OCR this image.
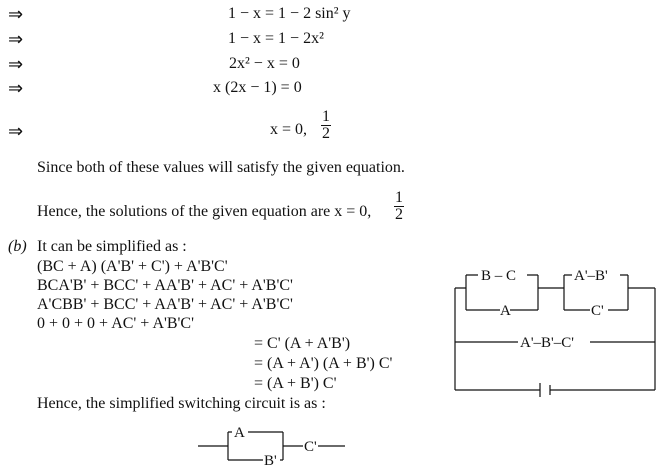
⇒	1 − x = 1 − 2 sin² y
⇒	1 − x = 1 − 2x²
⇒	2x² − x = 0
⇒	x (2x − 1) = 0
⇒	x = 0, $\frac{1}{2}$
Since both of these values will satisfy the given equation.
Hence, the solutions of the given equation are x = 0, $\frac{1}{2}$
(b) It can be simplified as :
(BC + A) (A'B' + C') + A'B'C'
BCA'B' + BCC' + AA'B' + AC' + A'B'C'
A'CBB' + BCC' + AA'B' + AC' + A'B'C'
0 + 0 + 0 + AC' + A'B'C'
= C' (A + A'B')
= (A + A') (A + B') C'
= (A + B') C'
Hence, the simplified switching circuit is as :
B – C
A
A'–B'
C'
A'–B'–C'
A
B'
C'
